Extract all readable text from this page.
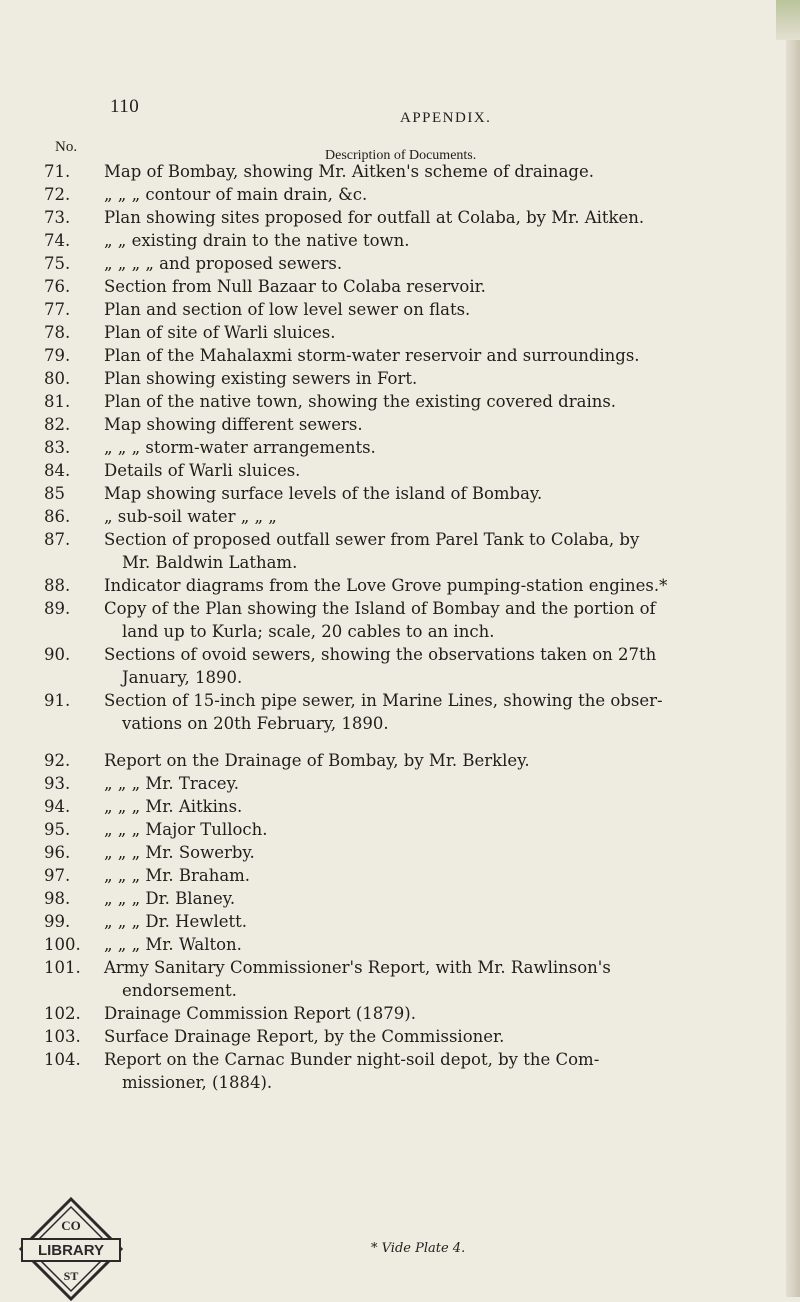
110
APPENDIX.
No.
Description of Documents.
71.	Map of Bombay, showing Mr. Aitken's scheme of drainage.
72.	„ „ „ contour of main drain, &c.
73.	Plan showing sites proposed for outfall at Colaba, by Mr. Aitken.
74.	„ „ existing drain to the native town.
75.	„ „ „ „ and proposed sewers.
76.	Section from Null Bazaar to Colaba reservoir.
77.	Plan and section of low level sewer on flats.
78.	Plan of site of Warli sluices.
79.	Plan of the Mahalaxmi storm-water reservoir and surroundings.
80.	Plan showing existing sewers in Fort.
81.	Plan of the native town, showing the existing covered drains.
82.	Map showing different sewers.
83.	„ „ „ storm-water arrangements.
84.	Details of Warli sluices.
85	Map showing surface levels of the island of Bombay.
86.	„ sub-soil water „ „ „
87.	Section of proposed outfall sewer from Parel Tank to Colaba, by
Mr. Baldwin Latham.
88.	Indicator diagrams from the Love Grove pumping-station engines.*
89.	Copy of the Plan showing the Island of Bombay and the portion of
land up to Kurla; scale, 20 cables to an inch.
90.	Sections of ovoid sewers, showing the observations taken on 27th
January, 1890.
91.	Section of 15-inch pipe sewer, in Marine Lines, showing the obser-
vations on 20th February, 1890.
92.	Report on the Drainage of Bombay, by Mr. Berkley.
93.	„ „ „ Mr. Tracey.
94.	„ „ „ Mr. Aitkins.
95.	„ „ „ Major Tulloch.
96.	„ „ „ Mr. Sowerby.
97.	„ „ „ Mr. Braham.
98.	„ „ „ Dr. Blaney.
99.	„ „ „ Dr. Hewlett.
100.	„ „ „ Mr. Walton.
101.	Army Sanitary Commissioner's Report, with Mr. Rawlinson's
endorsement.
102.	Drainage Commission Report (1879).
103.	Surface Drainage Report, by the Commissioner.
104.	Report on the Carnac Bunder night-soil depot, by the Com-
missioner, (1884).
* Vide Plate 4.
LIBRARY
CO
ST
